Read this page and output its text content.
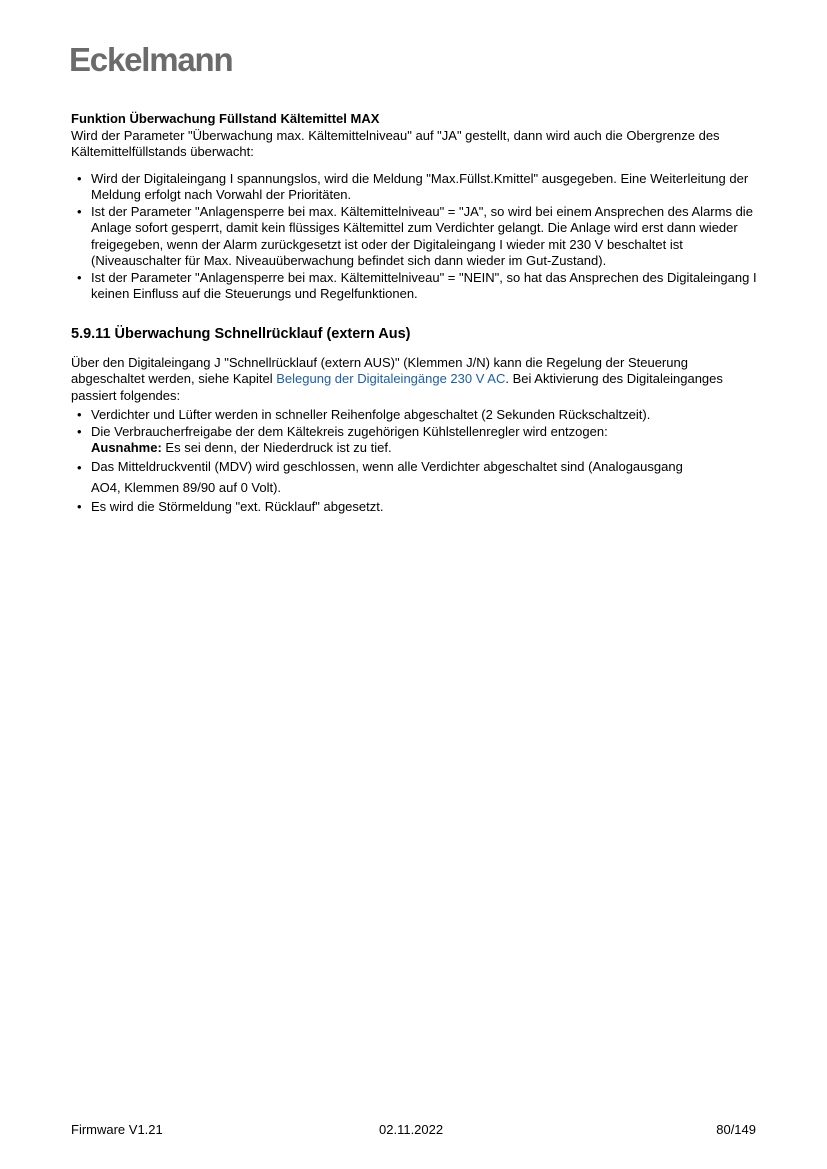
Eckelmann

Funktion Überwachung Füllstand Kältemittel MAX

Wird der Parameter "Überwachung max. Kältemittelniveau" auf "JA" gestellt, dann wird auch die Obergrenze des Kältemittelfüllstands überwacht:

• Wird der Digitaleingang I spannungslos, wird die Meldung "Max.Füllst.Kmittel" ausgegeben. Eine Weiterleitung der Meldung erfolgt nach Vorwahl der Prioritäten.
• Ist der Parameter "Anlagensperre bei max. Kältemittelniveau" = "JA", so wird bei einem Ansprechen des Alarms die Anlage sofort gesperrt, damit kein flüssiges Kältemittel zum Verdichter gelangt. Die Anlage wird erst dann wieder freigegeben, wenn der Alarm zurückgesetzt ist oder der Digitaleingang I wieder mit 230 V beschaltet ist (Niveauschalter für Max. Niveauüberwachung befindet sich dann wieder im Gut-Zustand).
• Ist der Parameter "Anlagensperre bei max. Kältemittelniveau" = "NEIN", so hat das Ansprechen des Digitaleingang I keinen Einfluss auf die Steuerungs und Regelfunktionen.
5.9.11 Überwachung Schnellrücklauf (extern Aus)

Über den Digitaleingang J "Schnellrücklauf (extern AUS)" (Klemmen J/N) kann die Regelung der Steuerung abgeschaltet werden, siehe Kapitel Belegung der Digitaleingänge 230 V AC. Bei Aktivierung des Digitaleinganges passiert folgendes:

• Verdichter und Lüfter werden in schneller Reihenfolge abgeschaltet (2 Sekunden Rückschaltzeit).
• Die Verbraucherfreigabe der dem Kältekreis zugehörigen Kühlstellenregler wird entzogen:
Ausnahme: Es sei denn, der Niederdruck ist zu tief.
• Das Mitteldruckventil (MDV) wird geschlossen, wenn alle Verdichter abgeschaltet sind (Analogausgang
AO4, Klemmen 89/90 auf 0 Volt).
• Es wird die Störmeldung "ext. Rücklauf" abgesetzt.
Firmware V1.21	02.11.2022	80/149
